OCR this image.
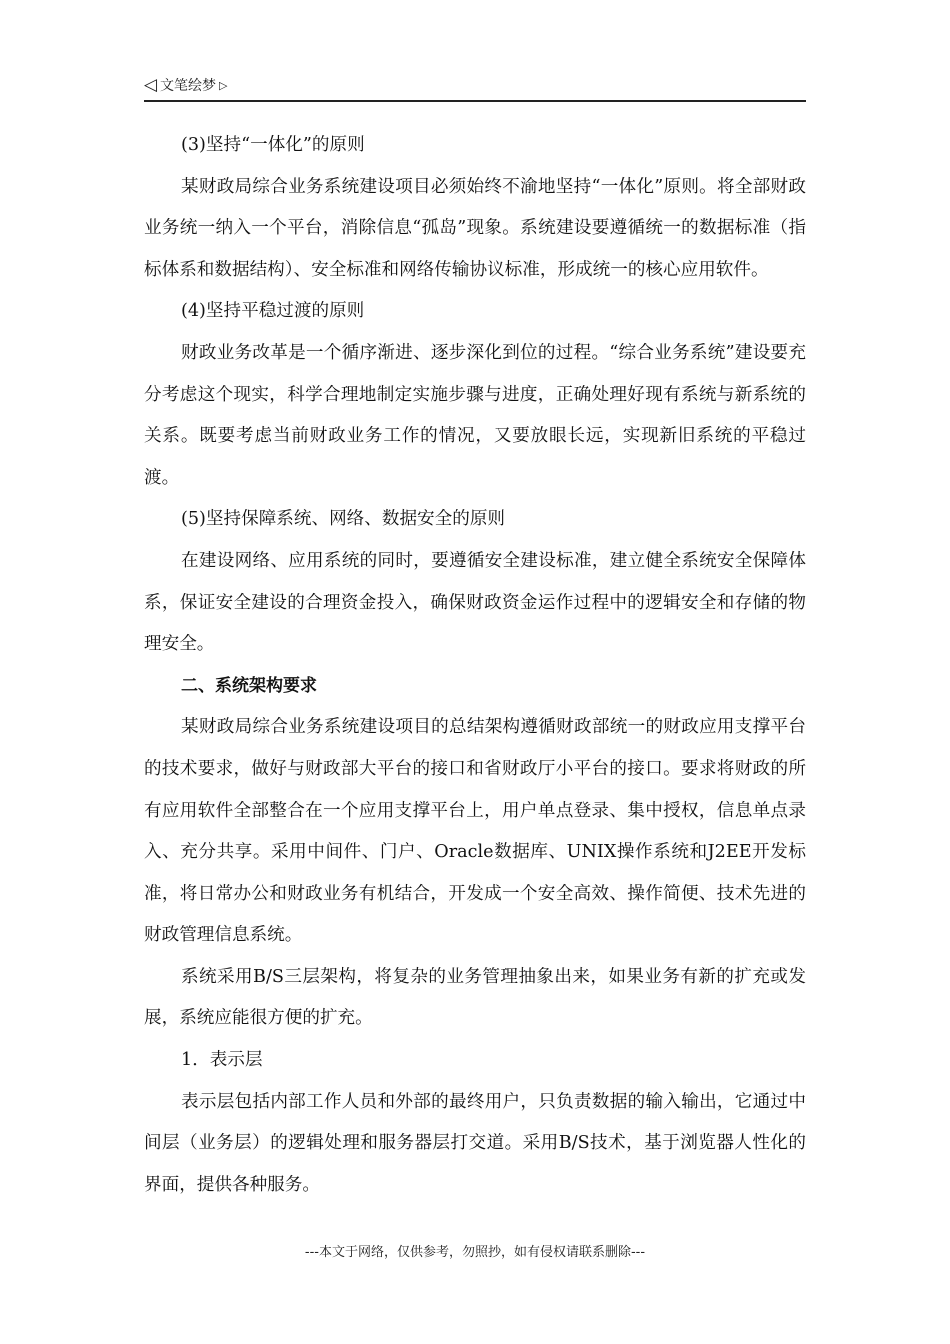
◁ 文笔绘梦 ▷

(3)坚持“一体化”的原则

某财政局综合业务系统建设项目必须始终不渝地坚持“一体化”原则。将全部财政业务统一纳入一个平台，消除信息“孤岛”现象。系统建设要遵循统一的数据标准（指标体系和数据结构）、安全标准和网络传输协议标准，形成统一的核心应用软件。

(4)坚持平稳过渡的原则

财政业务改革是一个循序渐进、逐步深化到位的过程。“综合业务系统”建设要充分考虑这个现实，科学合理地制定实施步骤与进度，正确处理好现有系统与新系统的关系。既要考虑当前财政业务工作的情况，又要放眼长远，实现新旧系统的平稳过渡。

(5)坚持保障系统、网络、数据安全的原则

在建设网络、应用系统的同时，要遵循安全建设标准，建立健全系统安全保障体系，保证安全建设的合理资金投入，确保财政资金运作过程中的逻辑安全和存储的物理安全。

二、系统架构要求

某财政局综合业务系统建设项目的总结架构遵循财政部统一的财政应用支撑平台的技术要求，做好与财政部大平台的接口和省财政厅小平台的接口。要求将财政的所有应用软件全部整合在一个应用支撑平台上，用户单点登录、集中授权，信息单点录入、充分共享。采用中间件、门户、Oracle数据库、UNIX操作系统和J2EE开发标准，将日常办公和财政业务有机结合，开发成一个安全高效、操作简便、技术先进的财政管理信息系统。

系统采用B/S三层架构，将复杂的业务管理抽象出来，如果业务有新的扩充或发展，系统应能很方便的扩充。

1．表示层

表示层包括内部工作人员和外部的最终用户，只负责数据的输入输出，它通过中间层（业务层）的逻辑处理和服务器层打交道。采用B/S技术，基于浏览器人性化的界面，提供各种服务。

---本文于网络，仅供参考，勿照抄，如有侵权请联系删除---
